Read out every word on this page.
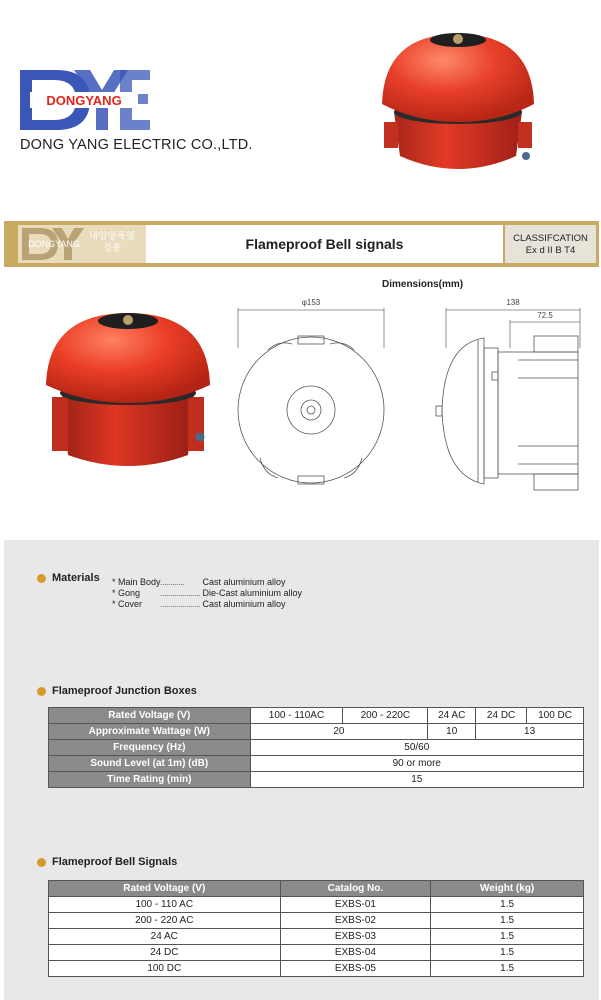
DONGYANG
DONG YANG ELECTRIC CO.,LTD.
DONGYANG
내압방폭형
경종	Flameproof Bell signals	CLASSIFCATION
Ex d II B T4
Dimensions(mm)
φ153	138
72.5
Materials * Main Body............ Cast aluminium alloy
* Gong .................... Die-Cast aluminium alloy
* Cover .................... Cast aluminium alloy
Flameproof Junction Boxes
Rated Voltage (V)	100 - 110AC	200 - 220C	24 AC	24 DC	100 DC
Approximate Wattage (W)	20		10	13	
Frequency (Hz)	50/60				
Sound Level (at 1m) (dB)	90 or more				
Time Rating (min)	15				
Flameproof Bell Signals
Rated Voltage (V)	Catalog No.	Weight (kg)
100 - 110 AC	EXBS-01	1.5
200 - 220 AC	EXBS-02	1.5
24 AC	EXBS-03	1.5
24 DC	EXBS-04	1.5
100 DC	EXBS-05	1.5
